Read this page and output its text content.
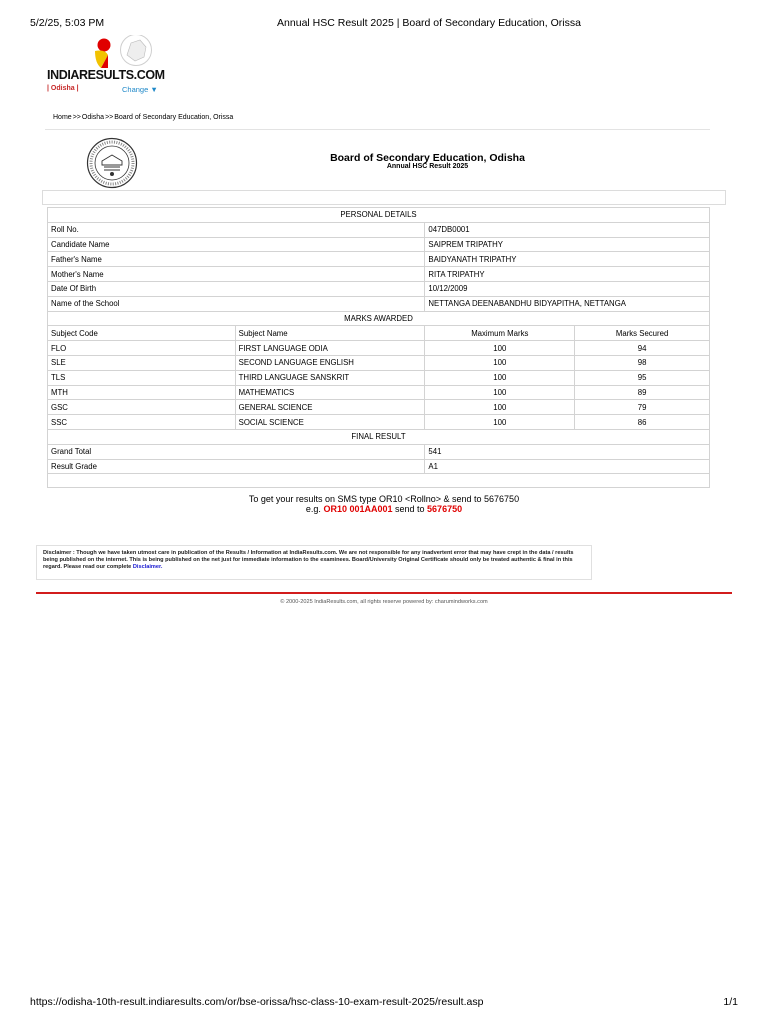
5/2/25, 5:03 PM	Annual HSC Result 2025 | Board of Secondary Education, Orissa
INDIARESULTS.COM
| Odisha |	Change ▼
Home>>Odisha>>Board of Secondary Education, Orissa
Board of Secondary Education, Odisha
Annual HSC Result 2025
PERSONAL DETAILS			
Roll No.		047DB0001	
Candidate Name		SAIPREM TRIPATHY	
Father's Name		BAIDYANATH TRIPATHY	
Mother's Name		RITA TRIPATHY	
Date Of Birth		10/12/2009	
Name of the School		NETTANGA DEENABANDHU BIDYAPITHA, NETTANGA	
MARKS AWARDED			
Subject Code	Subject Name	Maximum Marks	Marks Secured
FLO	FIRST LANGUAGE ODIA	100	94
SLE	SECOND LANGUAGE ENGLISH	100	98
TLS	THIRD LANGUAGE SANSKRIT	100	95
MTH	MATHEMATICS	100	89
GSC	GENERAL SCIENCE	100	79
SSC	SOCIAL SCIENCE	100	86
FINAL RESULT			
Grand Total		541	
Result Grade		A1	

To get your results on SMS type OR10 <Rollno> & send to 5676750
e.g. OR10 001AA001 send to 5676750
Disclaimer : Though we have taken utmost care in publication of the Results / Information at IndiaResults.com. We are not responsible for any inadvertent error that may have crept in the data / results being published on the internet. This is being published on the net just for immediate information to the examinees. Board/University Original Certificate should only be treated authentic & final in this regard. Please read our complete Disclaimer.
© 2000-2025 IndiaResults.com, all rights reserve powered by: charumindworks.com
https://odisha-10th-result.indiaresults.com/or/bse-orissa/hsc-class-10-exam-result-2025/result.asp	1/1
